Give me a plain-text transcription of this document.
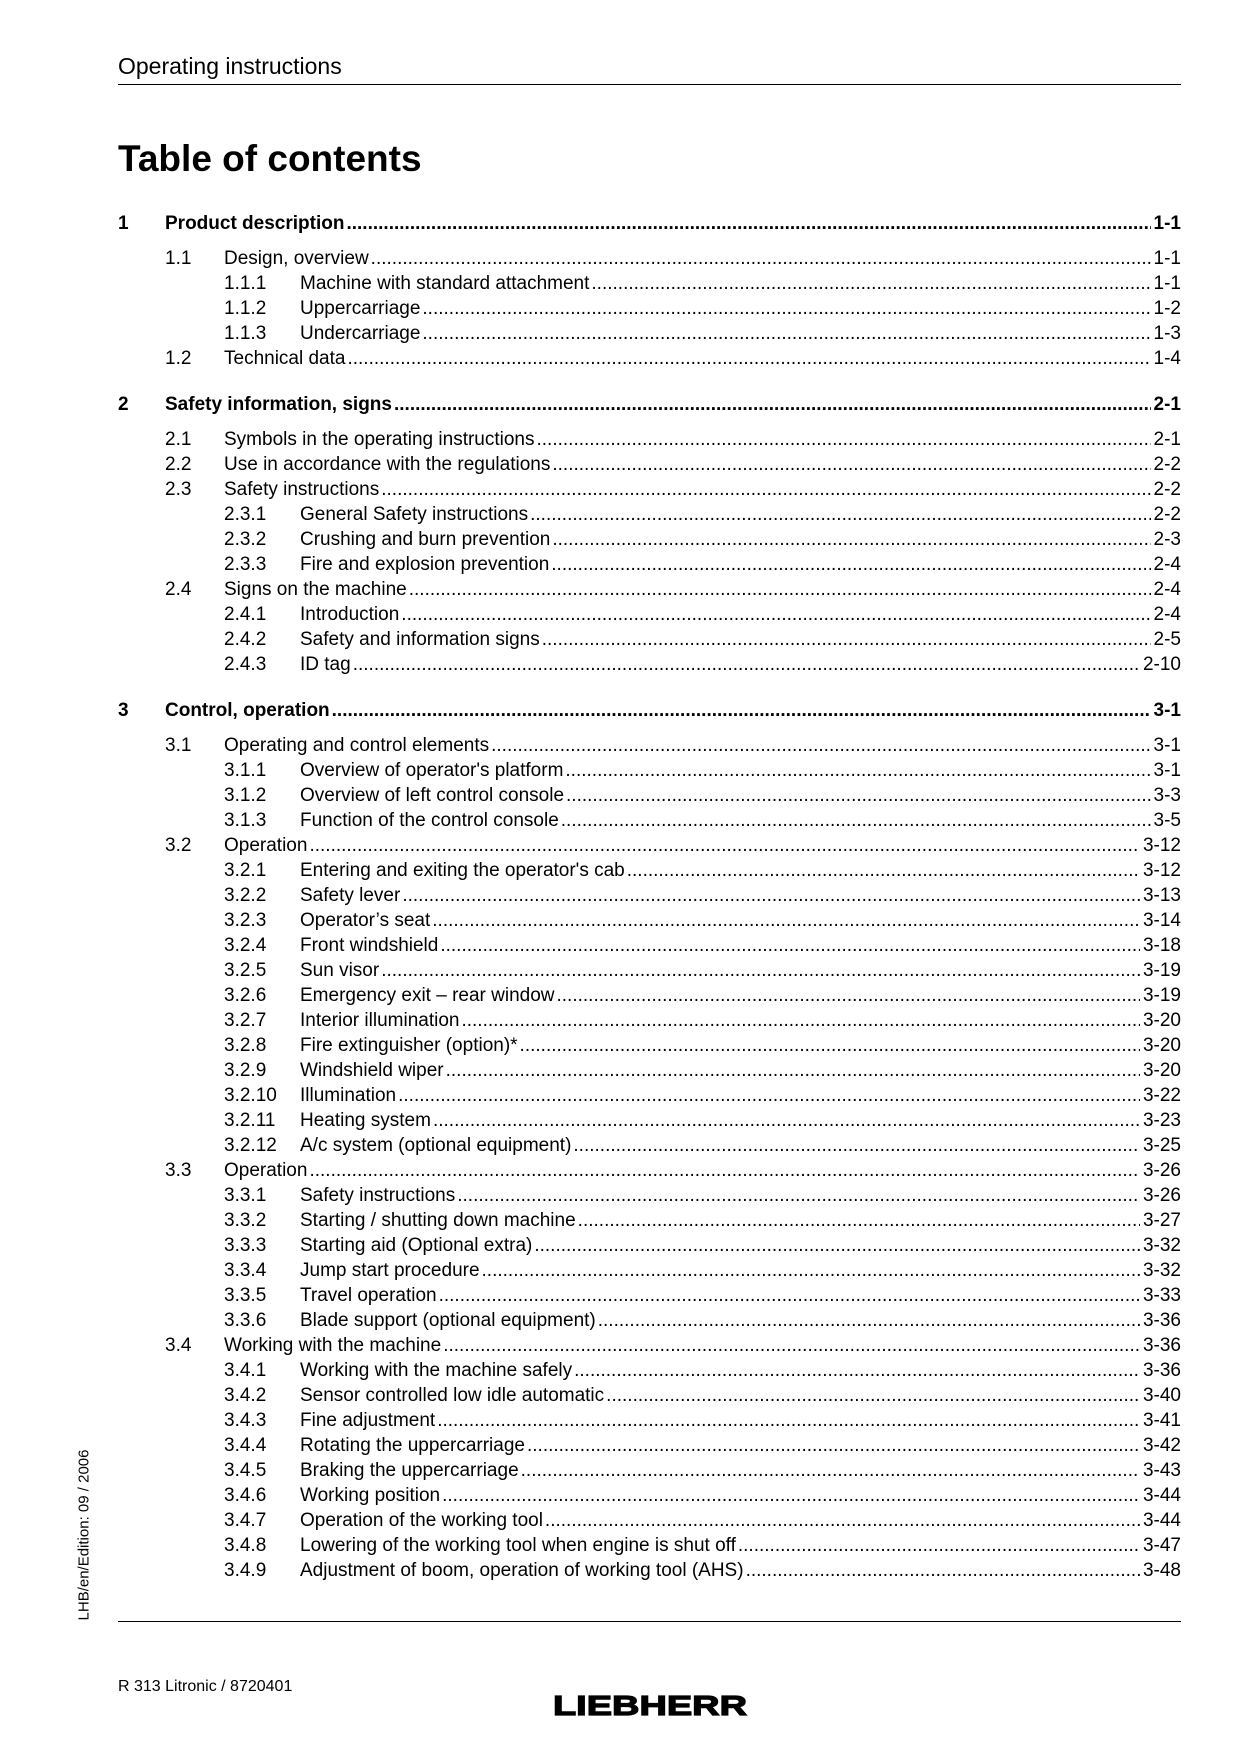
Operating instructions
Table of contents
1	Product description .....	1-1
1.1	Design, overview .....	1-1
1.1.1	Machine with standard attachment .....	1-1
1.1.2	Uppercarriage .....	1-2
1.1.3	Undercarriage .....	1-3
1.2	Technical data .....	1-4
2	Safety information, signs .....	2-1
2.1	Symbols in the operating instructions .....	2-1
2.2	Use in accordance with the regulations .....	2-2
2.3	Safety instructions .....	2-2
2.3.1	General Safety instructions .....	2-2
2.3.2	Crushing and burn prevention .....	2-3
2.3.3	Fire and explosion prevention .....	2-4
2.4	Signs on the machine .....	2-4
2.4.1	Introduction .....	2-4
2.4.2	Safety and information signs .....	2-5
2.4.3	ID tag .....	2-10
3	Control, operation .....	3-1
3.1	Operating and control elements .....	3-1
3.1.1	Overview of operator's platform .....	3-1
3.1.2	Overview of left control console .....	3-3
3.1.3	Function of the control console .....	3-5
3.2	Operation .....	3-12
3.2.1	Entering and exiting the operator's cab .....	3-12
3.2.2	Safety lever .....	3-13
3.2.3	Operator’s seat .....	3-14
3.2.4	Front windshield .....	3-18
3.2.5	Sun visor .....	3-19
3.2.6	Emergency exit – rear window .....	3-19
3.2.7	Interior illumination .....	3-20
3.2.8	Fire extinguisher (option)* .....	3-20
3.2.9	Windshield wiper .....	3-20
3.2.10	Illumination .....	3-22
3.2.11	Heating system .....	3-23
3.2.12	A/c system (optional equipment) .....	3-25
3.3	Operation .....	3-26
3.3.1	Safety instructions .....	3-26
3.3.2	Starting / shutting down machine .....	3-27
3.3.3	Starting aid (Optional extra) .....	3-32
3.3.4	Jump start procedure .....	3-32
3.3.5	Travel operation .....	3-33
3.3.6	Blade support (optional equipment) .....	3-36
3.4	Working with the machine .....	3-36
3.4.1	Working with the machine safely .....	3-36
3.4.2	Sensor controlled low idle automatic .....	3-40
3.4.3	Fine adjustment .....	3-41
3.4.4	Rotating the uppercarriage .....	3-42
3.4.5	Braking the uppercarriage .....	3-43
3.4.6	Working position .....	3-44
3.4.7	Operation of the working tool .....	3-44
3.4.8	Lowering of the working tool when engine is shut off .....	3-47
3.4.9	Adjustment of boom, operation of working tool (AHS) .....	3-48
R 313 Litronic / 8720401
LHB/en/Edition: 09 / 2006
LIEBHERR
